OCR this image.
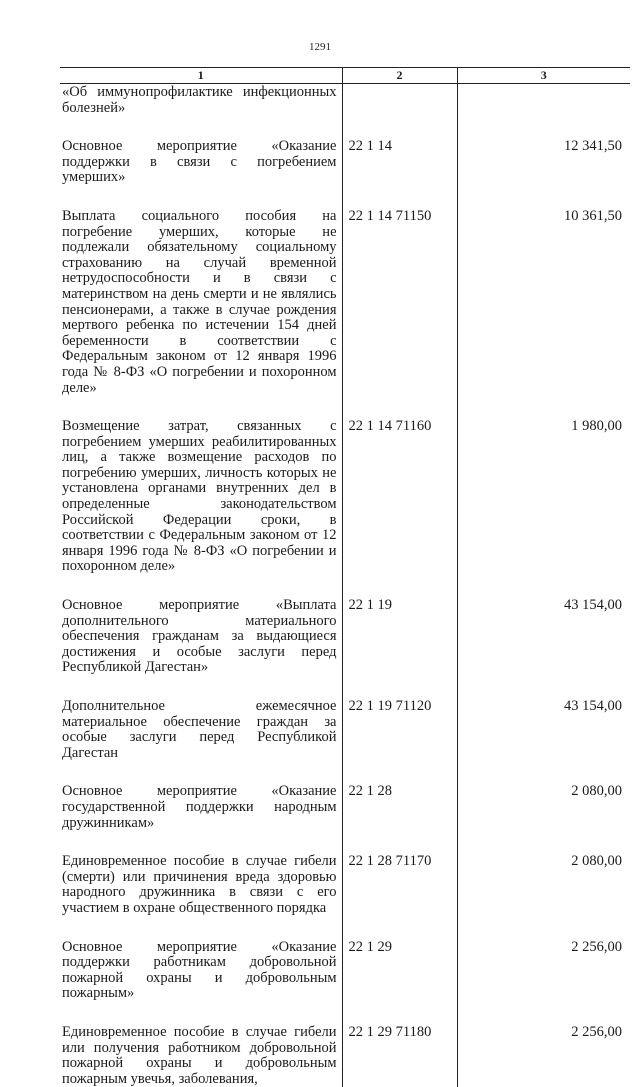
1291
1	2	3
«Об иммунопрофилактике инфекционных болезней»		

Основное мероприятие «Оказание поддержки в связи с погребением умерших»	22 1 14	12 341,50

Выплата социального пособия на погребение умерших, которые не подлежали обязательному социальному страхованию на случай временной нетрудоспособности и в связи с материнством на день смерти и не являлись пенсионерами, а также в случае рождения мертвого ребенка по истечении 154 дней беременности в соответствии с Федеральным законом от 12 января 1996 года № 8-ФЗ «О погребении и похоронном деле»	22 1 14 71150	10 361,50

Возмещение затрат, связанных с погребением умерших реабилитированных лиц, а также возмещение расходов по погребению умерших, личность которых не установлена органами внутренних дел в определенные законодательством Российской Федерации сроки, в соответствии с Федеральным законом от 12 января 1996 года № 8-ФЗ «О погребении и похоронном деле»	22 1 14 71160	1 980,00

Основное мероприятие «Выплата дополнительного материального обеспечения гражданам за выдающиеся достижения и особые заслуги перед Республикой Дагестан»	22 1 19	43 154,00

Дополнительное ежемесячное материальное обеспечение граждан за особые заслуги перед Республикой Дагестан	22 1 19 71120	43 154,00

Основное мероприятие «Оказание государственной поддержки народным дружинникам»	22 1 28	2 080,00

Единовременное пособие в случае гибели (смерти) или причинения вреда здоровью народного дружинника в связи с его участием в охране общественного порядка	22 1 28 71170	2 080,00

Основное мероприятие «Оказание поддержки работникам добровольной пожарной охраны и добровольным пожарным»	22 1 29	2 256,00

Единовременное пособие в случае гибели или получения работником добровольной пожарной охраны и добровольным пожарным увечья, заболевания,	22 1 29 71180	2 256,00
